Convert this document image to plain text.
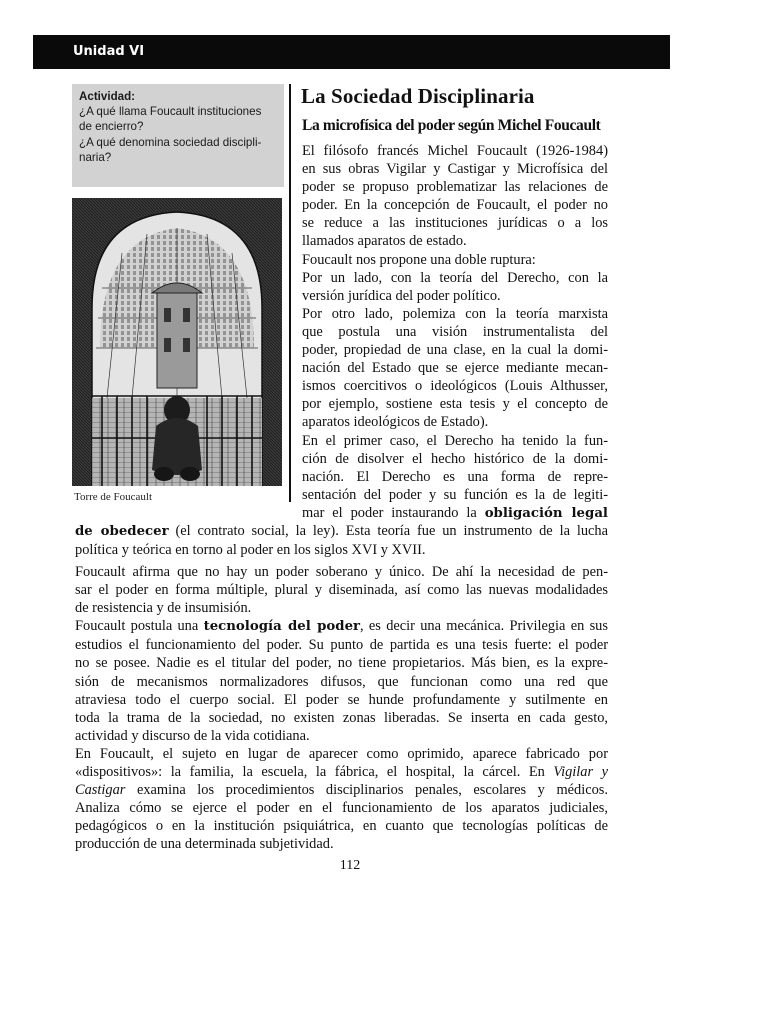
Unidad VI
Actividad:
¿A qué llama Foucault instituciones
de encierro?
¿A qué denomina sociedad discipli-
naria?
Torre de Foucault
La Sociedad Disciplinaria
La microfísica del poder según Michel Foucault
El filósofo francés Michel Foucault (1926-1984)
en sus obras Vigilar y Castigar y Microfísica del
poder se propuso problematizar las relaciones de
poder. En la concepción de Foucault, el poder no
se reduce a las instituciones jurídicas o a los
llamados aparatos de estado.
Foucault nos propone una doble ruptura:
Por un lado, con la teoría del Derecho, con la
versión jurídica del poder político.
Por otro lado, polemiza con la teoría marxista
que postula una visión instrumentalista del
poder, propiedad de una clase, en la cual la domi-
nación del Estado que se ejerce mediante mecan-
ismos coercitivos o ideológicos (Louis Althusser,
por ejemplo, sostiene esta tesis y el concepto de
aparatos ideológicos de Estado).
En el primer caso, el Derecho ha tenido la fun-
ción de disolver el hecho histórico de la domi-
nación. El Derecho es una forma de repre-
sentación del poder y su función es la de legiti-
mar el poder instaurando la obligación legal
de obedecer (el contrato social, la ley). Esta teoría fue un instrumento de la lucha
política y teórica en torno al poder en los siglos XVI y XVII.
Foucault afirma que no hay un poder soberano y único. De ahí la necesidad de pen-
sar el poder en forma múltiple, plural y diseminada, así como las nuevas modalidades
de resistencia y de insumisión.
Foucault postula una tecnología del poder, es decir una mecánica. Privilegia en sus
estudios el funcionamiento del poder. Su punto de partida es una tesis fuerte: el poder
no se posee. Nadie es el titular del poder, no tiene propietarios. Más bien, es la expre-
sión de mecanismos normalizadores difusos, que funcionan como una red que
atraviesa todo el cuerpo social. El poder se hunde profundamente y sutilmente en
toda la trama de la sociedad, no existen zonas liberadas. Se inserta en cada gesto,
actividad y discurso de la vida cotidiana.
En Foucault, el sujeto en lugar de aparecer como oprimido, aparece fabricado por
«dispositivos»: la familia, la escuela, la fábrica, el hospital, la cárcel. En Vigilar y
Castigar examina los procedimientos disciplinarios penales, escolares y médicos.
Analiza cómo se ejerce el poder en el funcionamiento de los aparatos judiciales,
pedagógicos o en la institución psiquiátrica, en cuanto que tecnologías políticas de
producción de una determinada subjetividad.
112
